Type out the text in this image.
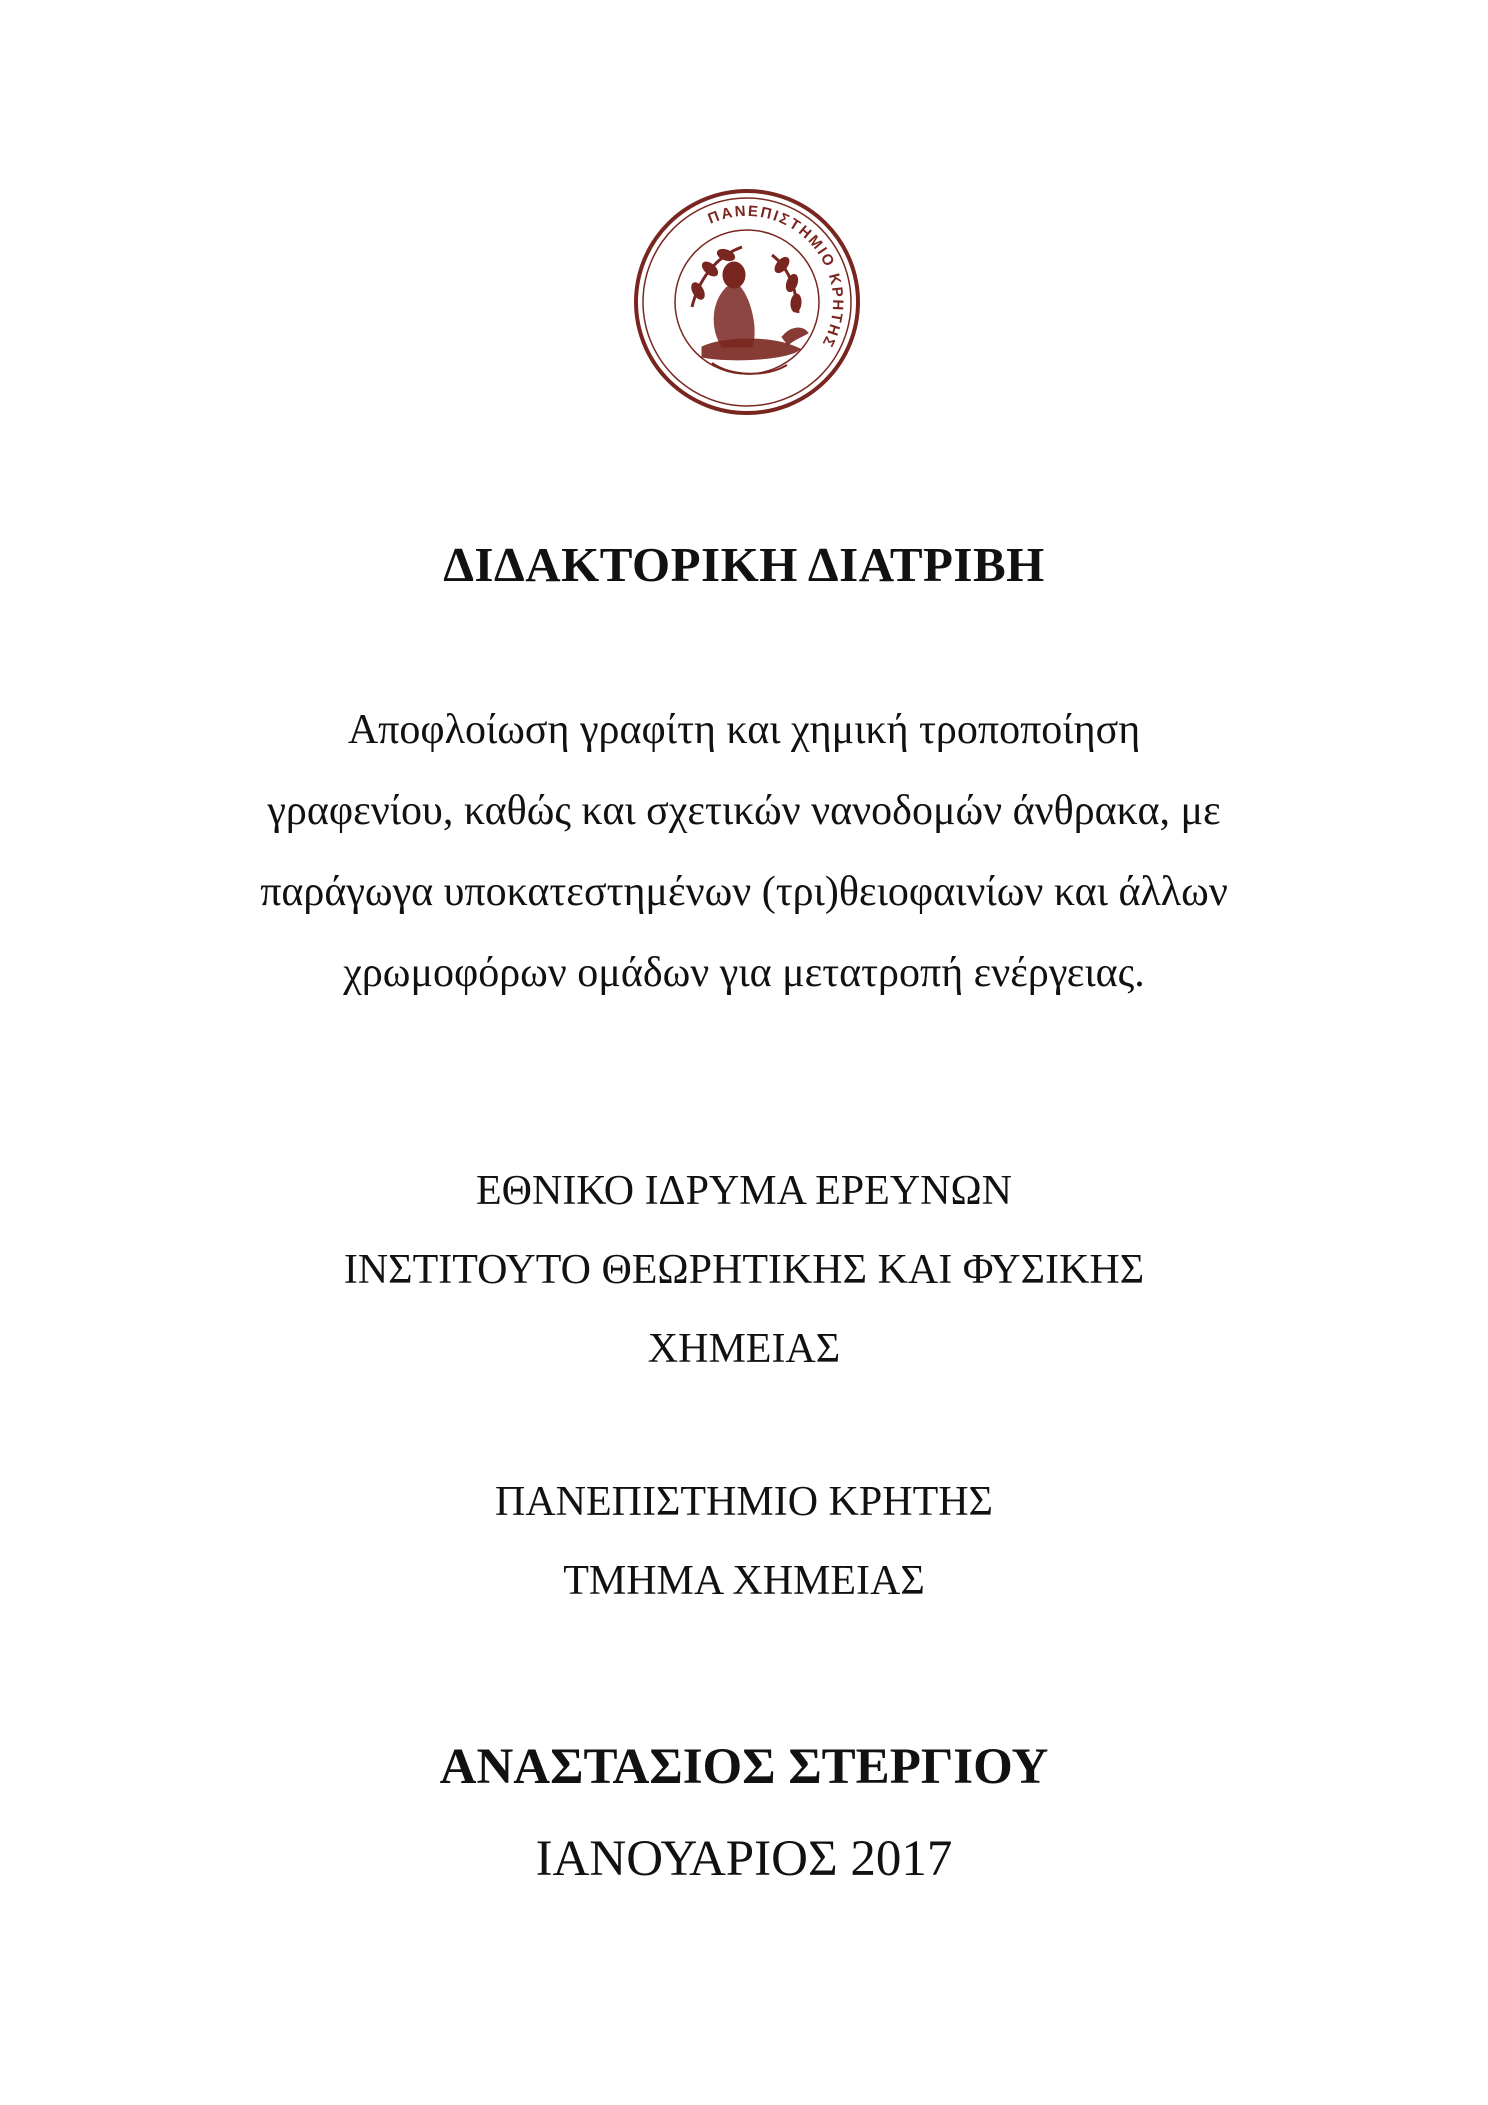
ΠΑΝΕΠΙΣΤΗΜΙΟ ΚΡΗΤΗΣ
ΔΙΔΑΚΤΟΡΙΚΗ ΔΙΑΤΡΙΒΗ
Αποφλοίωση γραφίτη και χημική τροποποίηση
γραφενίου, καθώς και σχετικών νανοδομών άνθρακα, με
παράγωγα υποκατεστημένων (τρι)θειοφαινίων και άλλων
χρωμοφόρων ομάδων για μετατροπή ενέργειας.
ΕΘΝΙΚΟ ΙΔΡΥΜΑ ΕΡΕΥΝΩΝ
ΙΝΣΤΙΤΟΥΤΟ ΘΕΩΡΗΤΙΚΗΣ ΚΑΙ ΦΥΣΙΚΗΣ
ΧΗΜΕΙΑΣ
ΠΑΝΕΠΙΣΤΗΜΙΟ ΚΡΗΤΗΣ
ΤΜΗΜΑ ΧΗΜΕΙΑΣ
ΑΝΑΣΤΑΣΙΟΣ ΣΤΕΡΓΙΟΥ
ΙΑΝΟΥΑΡΙΟΣ 2017
